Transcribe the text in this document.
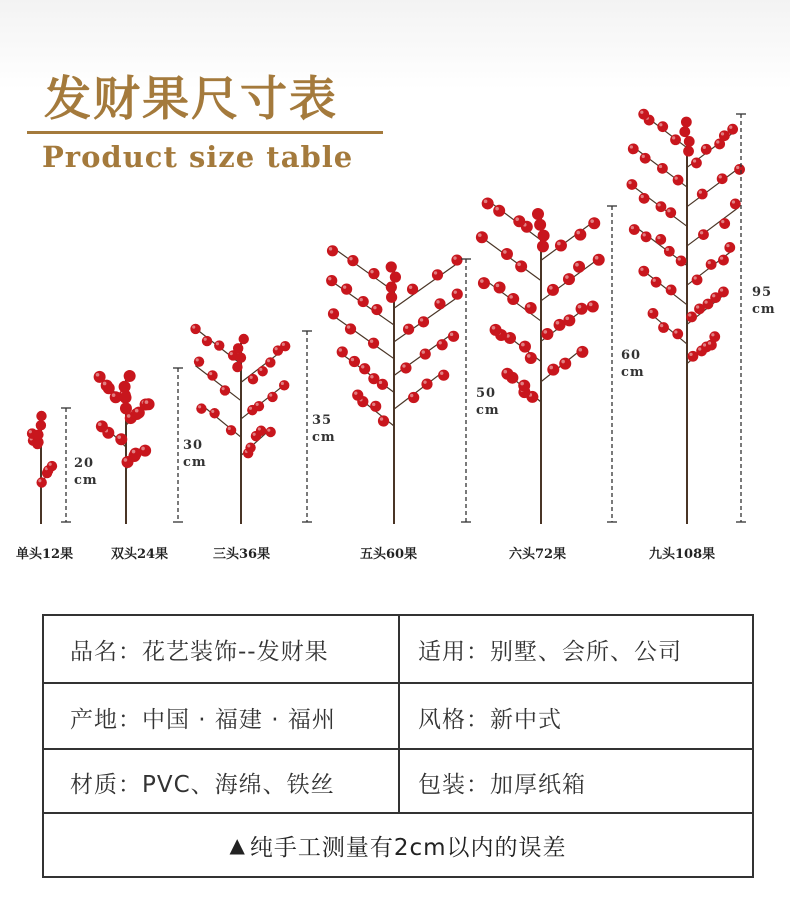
发财果尺寸表
Product size table
20
cm
30
cm
35
cm
50
cm
60
cm
95
cm
单头12果	双头24果	三头36果	五头60果	六头72果	九头108果
品名：花艺装饰--发财果	适用：别墅、会所、公司
产地：中国 · 福建 · 福州	风格：新中式
材质：PVC、海绵、铁丝	包装：加厚纸箱
▲ 纯手工测量有2cm以内的误差
